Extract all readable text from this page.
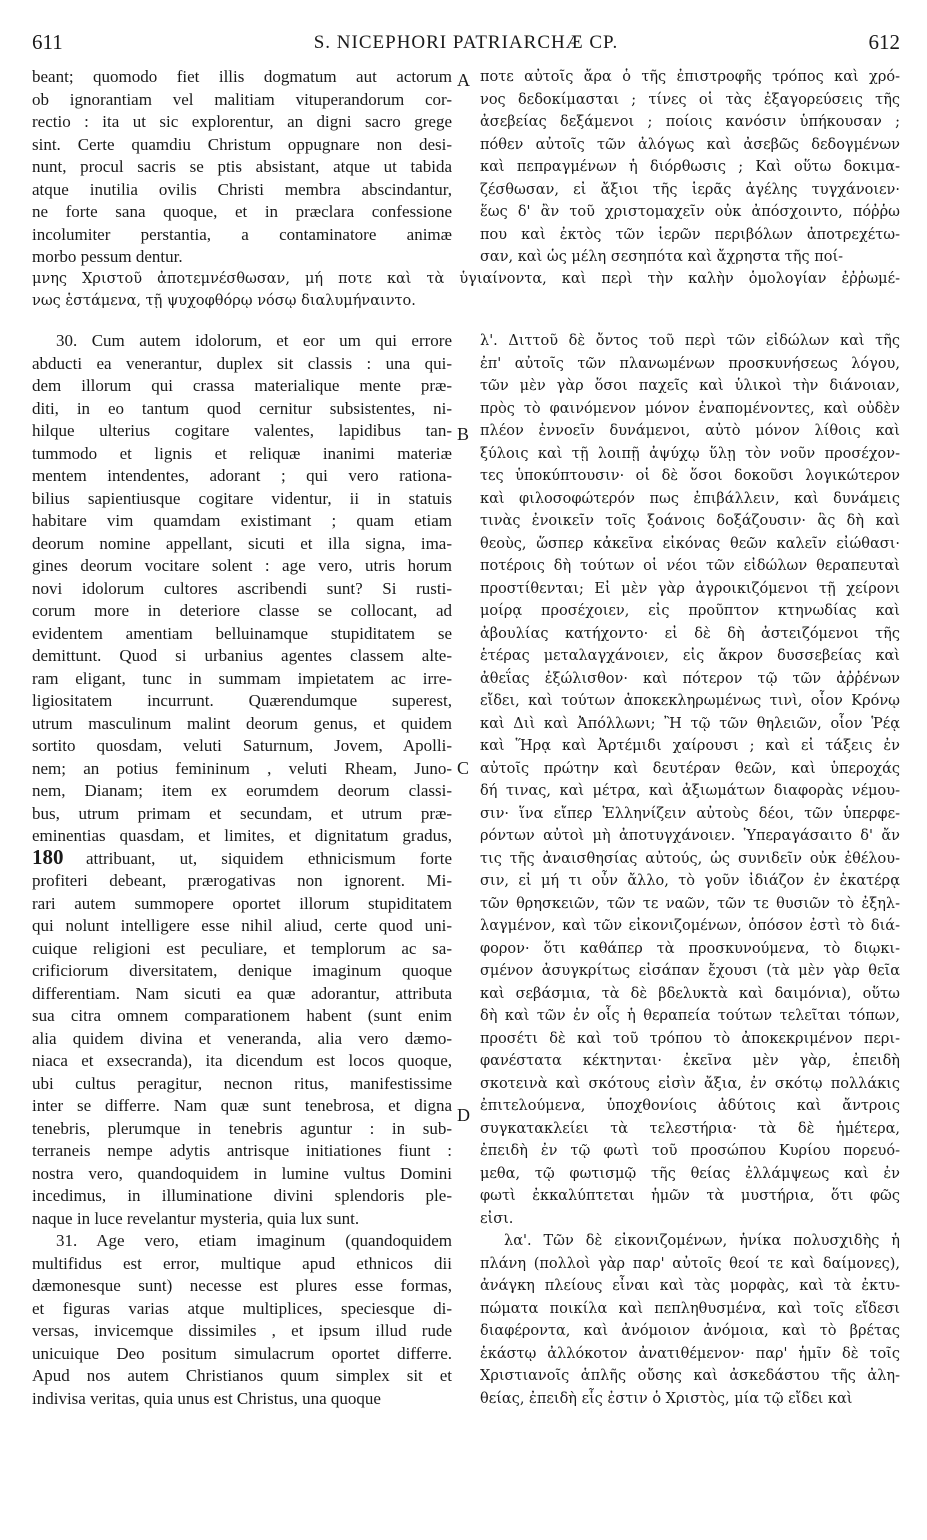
611	S. NICEPHORI PATRIARCHÆ CP.	612
beant; quomodo fiet illis dogmatum aut actorum
ob ignorantiam vel malitiam vituperandorum cor-
rectio : ita ut sic explorentur, an digni sacro grege
sint. Certe quamdiu Christum oppugnare non desi-
nunt, procul sacris se ptis absistant, atque ut tabida
atque inutilia ovilis Christi membra abscindantur,
ne forte sana quoque, et in præclara confessione
incolumiter perstantia, a contaminatore animæ
morbo pessum dentur.
ποτε αὐτοῖς ἄρα ὁ τῆς ἐπιστροφῆς τρόπος καὶ χρό-
νος δεδοκίμασται ; τίνες οἱ τὰς ἐξαγορεύσεις τῆς
ἀσεβείας δεξάμενοι ; ποίοις κανόσιν ὑπήκουσαν ;
πόθεν αὐτοῖς τῶν ἀλόγως καὶ ἀσεβῶς δεδογμένων
καὶ πεπραγμένων ἡ διόρθωσις ; Καὶ οὕτω δοκιμα-
ζέσθωσαν, εἰ ἄξιοι τῆς ἱερᾶς ἀγέλης τυγχάνοιεν·
ἕως δ' ἂν τοῦ χριστομαχεῖν οὐκ ἀπόσχοιντο, πόῤῥω
που καὶ ἐκτὸς τῶν ἱερῶν περιβόλων ἀποτρεχέτω-
σαν, καὶ ὡς μέλη σεσηπότα καὶ ἄχρηστα τῆς ποί-
μνης Χριστοῦ ἀποτεμνέσθωσαν, μή ποτε καὶ τὰ ὑγιαίνοντα, καὶ περὶ τὴν καλὴν ὁμολογίαν ἐῤῥωμέ-
νως ἑστάμενα, τῇ ψυχοφθόρῳ νόσῳ διαλυμήναιντο.
30. Cum autem idolorum, et eor um qui errore
abducti ea venerantur, duplex sit classis : una qui-
dem illorum qui crassa materialique mente præ-
diti, in eo tantum quod cernitur subsistentes, ni-
hilque ulterius cogitare valentes, lapidibus tan-
tummodo et lignis et reliquæ inanimi materiæ
mentem intendentes, adorant ; qui vero rationa-
bilius sapientiusque cogitare videntur, ii in statuis
habitare vim quamdam existimant ; quam etiam
deorum nomine appellant, sicuti et illa signa, ima-
gines deorum vocitare solent : age vero, utris horum
novi idolorum cultores ascribendi sunt? Si rusti-
corum more in deteriore classe se collocant, ad
evidentem amentiam belluinamque stupiditatem se
demittunt. Quod si urbanius agentes classem alte-
ram eligant, tunc in summam impietatem ac irre-
ligiositatem incurrunt. Quærendumque superest,
utrum masculinum malint deorum genus, et quidem
sortito quosdam, veluti Saturnum, Jovem, Apolli-
nem; an potius femininum , veluti Rheam, Juno-
nem, Dianam; item ex eorumdem deorum classi-
bus, utrum primam et secundam, et utrum præ-
eminentias quasdam, et limites, et dignitatum gradus,
attribuant, ut, siquidem ethnicismum forte
profiteri debeant, prærogativas non ignorent. Mi-
rari autem summopere oportet illorum stupiditatem
qui nolunt intelligere esse nihil aliud, certe quod uni-
cuique religioni est peculiare, et templorum ac sa-
crificiorum diversitatem, denique imaginum quoque
differentiam. Nam sicuti ea quæ adorantur, attributa
sua citra omnem comparationem habent (sunt enim
alia quidem divina et veneranda, alia vero dæmo-
niaca et exsecranda), ita dicendum est locos quoque,
ubi cultus peragitur, necnon ritus, manifestissime
inter se differre. Nam quæ sunt tenebrosa, et digna
tenebris, plerumque in tenebris aguntur : in sub-
terraneis nempe adytis antrisque initiationes fiunt :
nostra vero, quandoquidem in lumine vultus Domini
incedimus, in illuminatione divini splendoris ple-
naque in luce revelantur mysteria, quia lux sunt.
31. Age vero, etiam imaginum (quandoquidem
multifidus est error, multique apud ethnicos dii
dæmonesque sunt) necesse est plures esse formas,
et figuras varias atque multiplices, speciesque di-
versas, invicemque dissimiles , et ipsum illud rude
unicuique Deo positum simulacrum oportet differre.
Apud nos autem Christianos quum simplex sit et
indivisa veritas, quia unus est Christus, una quoque
λ'. Διττοῦ δὲ ὄντος τοῦ περὶ τῶν εἰδώλων καὶ τῆς
ἐπ' αὐτοῖς τῶν πλανωμένων προσκυνήσεως λόγου,
τῶν μὲν γὰρ ὅσοι παχεῖς καὶ ὑλικοὶ τὴν διάνοιαν,
πρὸς τὸ φαινόμενον μόνον ἐναπομένοντες, καὶ οὐδὲν
πλέον ἐννοεῖν δυνάμενοι, αὐτὸ μόνον λίθοις καὶ
ξύλοις καὶ τῇ λοιπῇ ἀψύχῳ ὕλῃ τὸν νοῦν προσέχον-
τες ὑποκύπτουσιν· οἱ δὲ ὅσοι δοκοῦσι λογικώτερον
καὶ φιλοσοφώτερόν πως ἐπιβάλλειν, καὶ δυνάμεις
τινὰς ἐνοικεῖν τοῖς ξοάνοις δοξάζουσιν· ἃς δὴ καὶ
θεοὺς, ὥσπερ κἀκεῖνα εἰκόνας θεῶν καλεῖν εἰώθασι·
ποτέροις δὴ τούτων οἱ νέοι τῶν εἰδώλων θεραπευταὶ
προστίθενται; Εἰ μὲν γὰρ ἀγροικιζόμενοι τῇ χείρονι
μοίρᾳ προσέχοιεν, εἰς προῦπτον κτηνωδίας καὶ
ἀβουλίας κατήχοντο· εἰ δὲ δὴ ἀστειζόμενοι τῆς
ἑτέρας μεταλαγχάνοιεν, εἰς ἄκρον δυσσεβείας καὶ
ἀθεΐας ἐξώλισθον· καὶ πότερον τῷ τῶν ἀῤῥένων
εἴδει, καὶ τούτων ἀποκεκληρωμένως τινὶ, οἷον Κρόνῳ
καὶ Διὶ καὶ Ἀπόλλωνι; Ἢ τῷ τῶν θηλειῶν, οἷον Ῥέᾳ
καὶ Ἥρᾳ καὶ Ἀρτέμιδι χαίρουσι ; καὶ εἰ τάξεις ἐν
αὐτοῖς πρώτην καὶ δευτέραν θεῶν, καὶ ὑπεροχάς
δή τινας, καὶ μέτρα, καὶ ἀξιωμάτων διαφορὰς νέμου-
σιν· ἵνα εἴπερ Ἑλληνίζειν αὐτοὺς δέοι, τῶν ὑπερφε-
ρόντων αὐτοὶ μὴ ἀποτυγχάνοιεν. Ὑπεραγάσαιτο δ' ἄν
τις τῆς ἀναισθησίας αὐτούς, ὡς συνιδεῖν οὐκ ἐθέλου-
σιν, εἰ μή τι οὖν ἄλλο, τὸ γοῦν ἰδιάζον ἐν ἑκατέρᾳ
τῶν θρησκειῶν, τῶν τε ναῶν, τῶν τε θυσιῶν τὸ ἐξηλ-
λαγμένον, καὶ τῶν εἰκονιζομένων, ὁπόσον ἐστὶ τὸ διά-
φορον· ὅτι καθάπερ τὰ προσκυνούμενα, τὸ διῳκι-
σμένον ἀσυγκρίτως εἰσάπαν ἔχουσι (τὰ μὲν γὰρ θεῖα
καὶ σεβάσμια, τὰ δὲ βδελυκτὰ καὶ δαιμόνια), οὕτω
δὴ καὶ τῶν ἐν οἷς ἡ θεραπεία τούτων τελεῖται τόπων,
προσέτι δὲ καὶ τοῦ τρόπου τὸ ἀποκεκριμένον περι-
φανέστατα κέκτηνται· ἐκεῖνα μὲν γὰρ, ἐπειδὴ
σκοτεινὰ καὶ σκότους εἰσὶν ἄξια, ἐν σκότῳ πολλάκις
ἐπιτελούμενα, ὑποχθονίοις ἀδύτοις καὶ ἄντροις
συγκατακλείει τὰ τελεστήρια· τὰ δὲ ἡμέτερα,
ἐπειδὴ ἐν τῷ φωτὶ τοῦ προσώπου Κυρίου πορευό-
μεθα, τῷ φωτισμῷ τῆς θείας ἐλλάμψεως καὶ ἐν
φωτὶ ἐκκαλύπτεται ἡμῶν τὰ μυστήρια, ὅτι φῶς
εἰσι.
λα'. Τῶν δὲ εἰκονιζομένων, ἡνίκα πολυσχιδὴς ἡ
πλάνη (πολλοὶ γὰρ παρ' αὐτοῖς θεοί τε καὶ δαίμονες),
ἀνάγκη πλείους εἶναι καὶ τὰς μορφὰς, καὶ τὰ ἐκτυ-
πώματα ποικίλα καὶ πεπληθυσμένα, καὶ τοῖς εἴδεσι
διαφέροντα, καὶ ἀνόμοιον ἀνόμοια, καὶ τὸ βρέτας
ἑκάστῳ ἀλλόκοτον ἀνατιθέμενον· παρ' ἡμῖν δὲ τοῖς
Χριστιανοῖς ἁπλῆς οὔσης καὶ ἀσκεδάστου τῆς ἀλη-
θείας, ἐπειδὴ εἷς ἐστιν ὁ Χριστὸς, μία τῷ εἴδει καὶ
A
B
C
D
180
